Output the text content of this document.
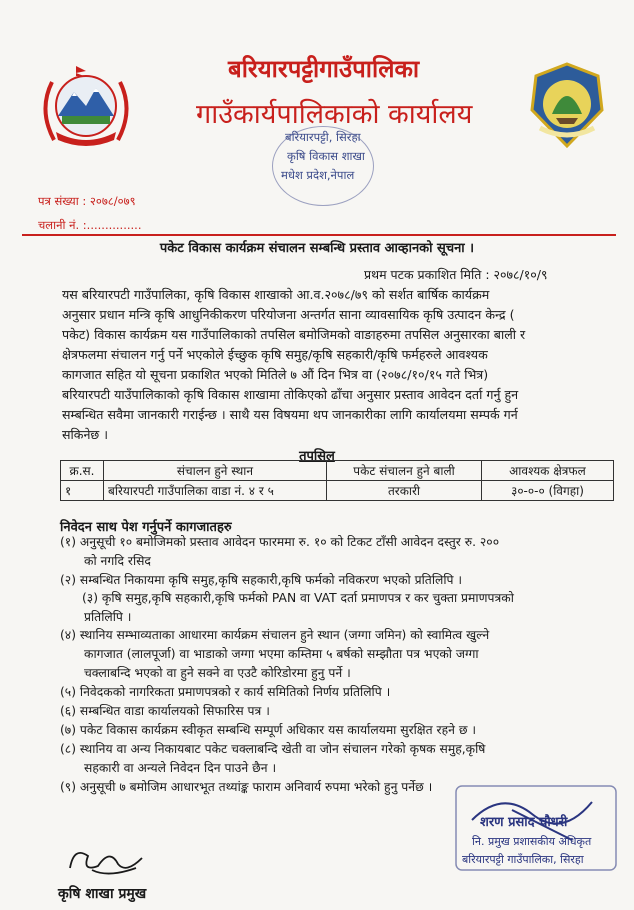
बरियारपट्टीगाउँपालिका
गाउँकार्यपालिकाको कार्यालय
बरियारपट्टी, सिरहा
कृषि विकास शाखा
मधेश प्रदेश,नेपाल
पत्र संख्या : २०७८/०७९
चलानी नं. :...............
पकेट विकास कार्यक्रम संचालन सम्बन्धि प्रस्ताव आव्हानको सूचना ।
प्रथम पटक प्रकाशित मिति : २०७८/१०/९
यस बरियारपटी गाउँपालिका, कृषि विकास शाखाको आ.व.२०७८/७९ को सर्शत बार्षिक कार्यक्रम
अनुसार प्रधान मन्त्रि कृषि आधुनिकीकरण परियोजना अन्तर्गत साना व्यावसायिक कृषि उत्पादन केन्द्र (
पकेट) विकास कार्यक्रम यस गाउँपालिकाको तपसिल बमोजिमको वाङाहरुमा तपसिल अनुसारका बाली र
क्षेत्रफलमा संचालन गर्नु पर्ने भएकोले ईच्छुक कृषि समुह/कृषि सहकारी/कृषि फर्महरुले आवश्यक
कागजात सहित यो सूचना प्रकाशित भएको मितिले ७ औं दिन भित्र वा (२०७८/१०/१५ गते भित्र)
बरियारपटी याउँपालिकाको कृषि विकास शाखामा तोकिएको ढाँचा अनुसार प्रस्ताव आवेदन दर्ता गर्नु हुन
सम्बन्धित सवैमा जानकारी गराईन्छ । साथै यस विषयमा थप जानकारीका लागि कार्यालयमा सम्पर्क गर्न
सकिनेछ ।
तपसिल
क्र.स.	संचालन हुने स्थान	पकेट संचालन हुने बाली	आवश्यक क्षेत्रफल
१	बरियारपटी गाउँपालिका वाडा नं. ४ र ५	तरकारी	३०-०-० (विगहा)
निवेदन साथ पेश गर्नुपर्ने कागजातहरु
(१) अनुसूची १० बमोजिमको प्रस्ताव आवेदन फारममा रु. १० को टिकट टाँसी आवेदन दस्तुर रु. २००
को नगदि रसिद
(२) सम्बन्धित निकायमा कृषि समुह,कृषि सहकारी,कृषि फर्मको नविकरण भएको प्रतिलिपि ।
(३) कृषि समुह,कृषि सहकारी,कृषि फर्मको PAN वा VAT दर्ता प्रमाणपत्र र कर चुक्ता प्रमाणपत्रको
प्रतिलिपि ।
(४) स्थानिय सम्भाव्यताका आधारमा कार्यक्रम संचालन हुने स्थान (जग्गा जमिन) को स्वामित्व खुल्ने
कागजात (लालपूर्जा) वा भाडाको जग्गा भएमा कम्तिमा ५ बर्षको सम्झौता पत्र भएको जग्गा
चक्लाबन्दि भएको वा हुने सक्ने वा एउटै कोरिडोरमा हुनु पर्ने ।
(५) निवेदकको नागरिकता प्रमाणपत्रको र कार्य समितिको निर्णय प्रतिलिपि ।
(६) सम्बन्धित वाडा कार्यालयको सिफारिस पत्र ।
(७) पकेट विकास कार्यक्रम स्वीकृत सम्बन्धि सम्पूर्ण अधिकार यस कार्यालयमा सुरक्षित रहने छ ।
(८) स्थानिय वा अन्य निकायबाट पकेट चक्लाबन्दि खेती वा जोन संचालन गरेको कृषक समुह,कृषि
सहकारी वा अन्यले निवेदन दिन पाउने छैन ।
(९) अनुसूची ७ बमोजिम आधारभूत तथ्यांङ्क फाराम अनिवार्य रुपमा भरेको हुनु पर्नेछ ।
शरण प्रसाद चौधरी
नि. प्रमुख प्रशासकीय अधिकृत
बरियारपट्टी गाउँपालिका, सिरहा
कृषि शाखा प्रमुख
